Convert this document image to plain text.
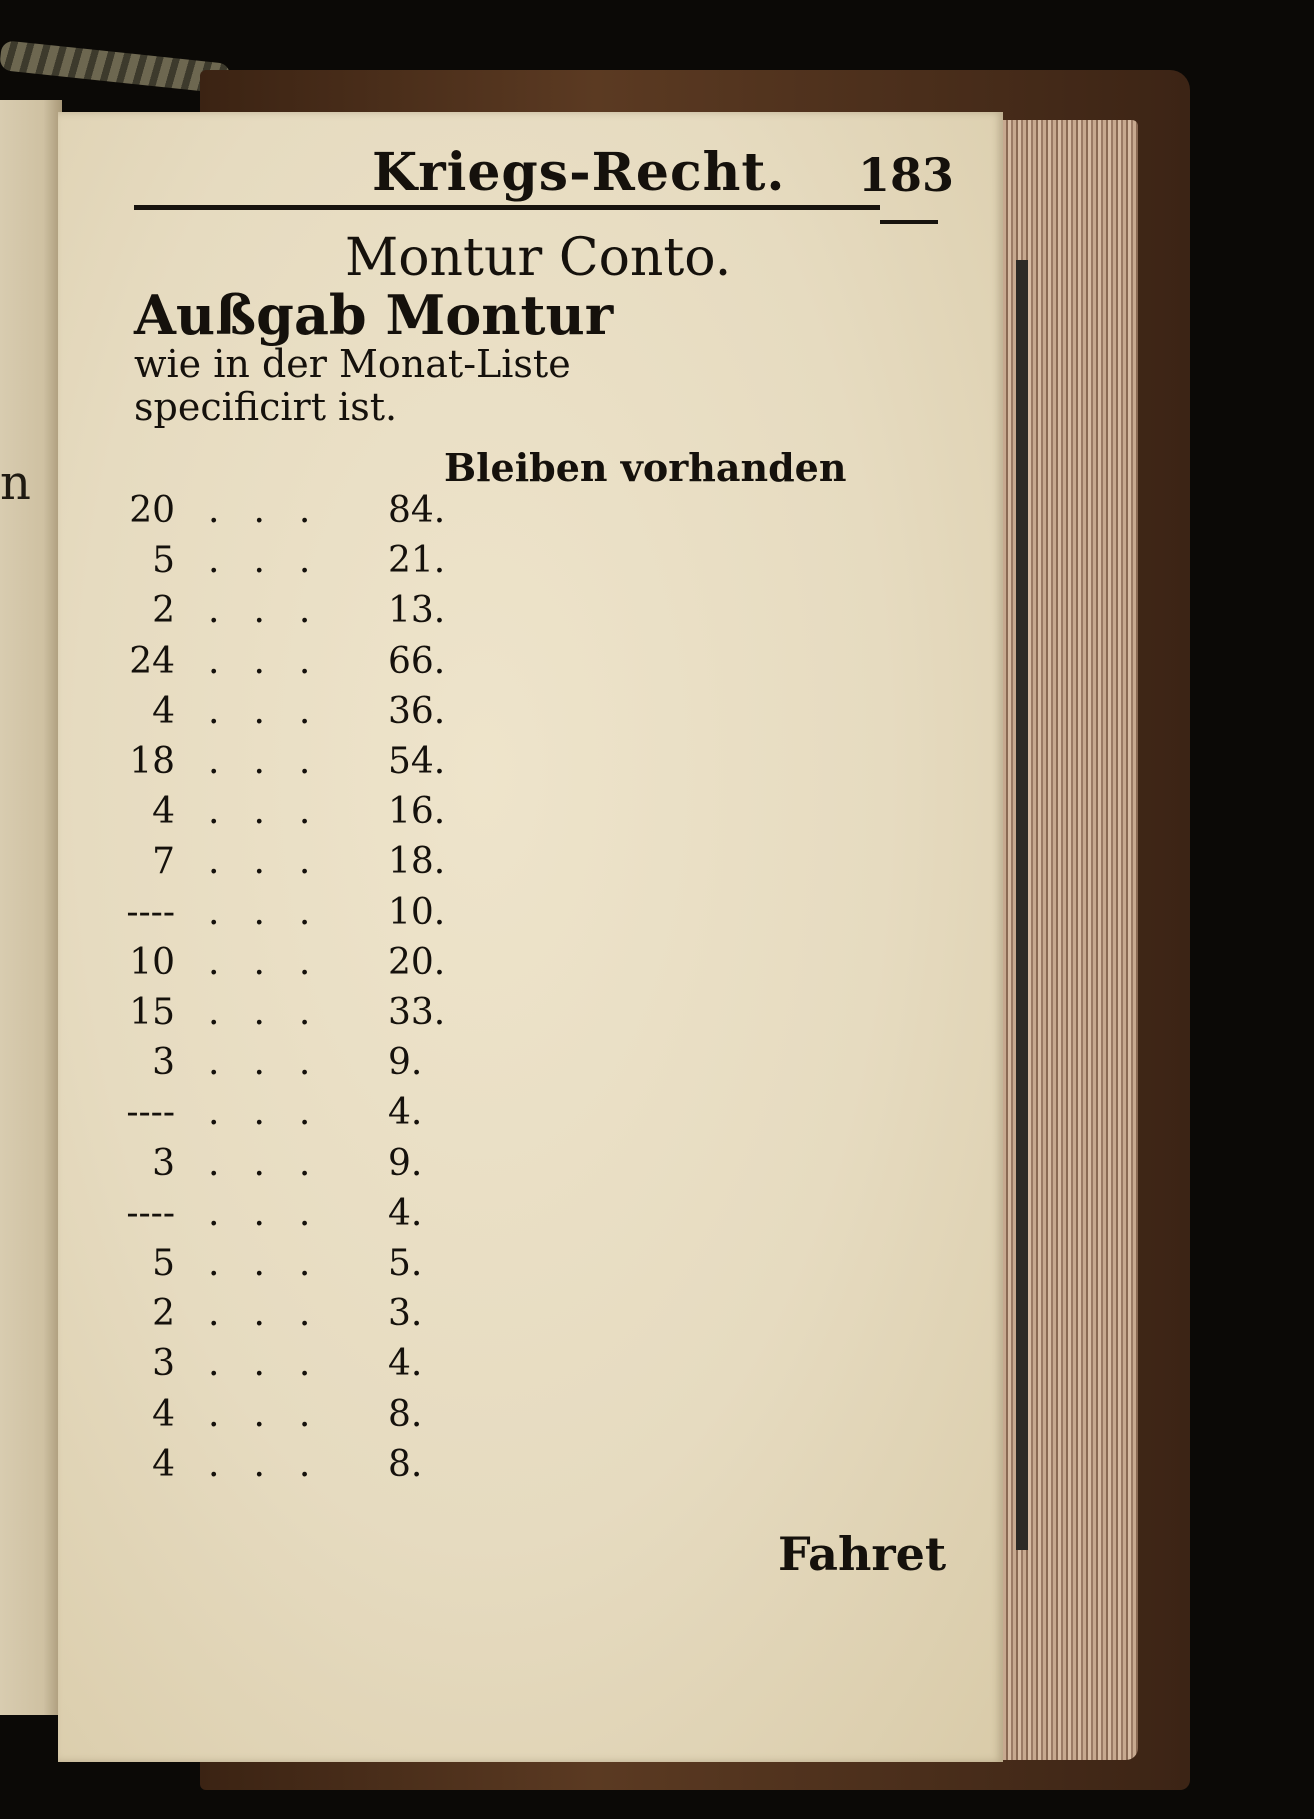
n
Kriegs-Recht. 183
Montur Conto.
Außgab Montur
wie in der Monat-Liste
specificirt ist.
Bleiben vorhanden
20 ... 84.
5 ... 21.
2 ... 13.
24 ... 66.
4 ... 36.
18 ... 54.
4 ... 16.
7 ... 18.
---- ... 10.
10 ... 20.
15 ... 33.
3 ... 9.
---- ... 4.
3 ... 9.
---- ... 4.
5 ... 5.
2 ... 3.
3 ... 4.
4 ... 8.
4 ... 8.
Fahret
